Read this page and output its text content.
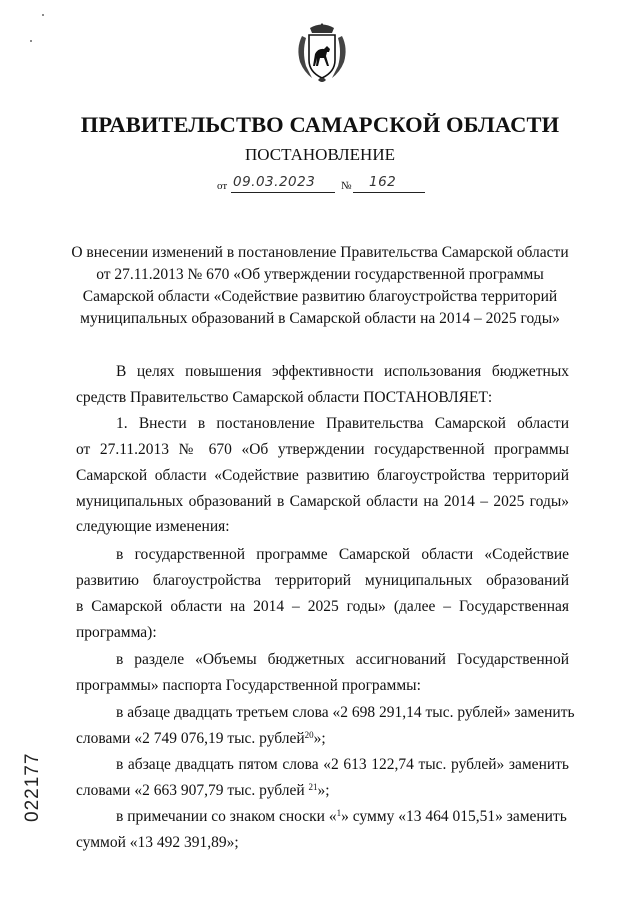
ПРАВИТЕЛЬСТВО САМАРСКОЙ ОБЛАСТИ
ПОСТАНОВЛЕНИЕ
от 09.03.2023 № 162
О внесении изменений в постановление Правительства Самарской области
от 27.11.2013 № 670 «Об утверждении государственной программы
Самарской области «Содействие развитию благоустройства территорий
муниципальных образований в Самарской области на 2014 – 2025 годы»
В целях повышения эффективности использования бюджетных
средств Правительство Самарской области ПОСТАНОВЛЯЕТ:
1. Внести в постановление Правительства Самарской области
от 27.11.2013 № 670 «Об утверждении государственной программы
Самарской области «Содействие развитию благоустройства территорий
муниципальных образований в Самарской области на 2014 – 2025 годы»
следующие изменения:
в государственной программе Самарской области «Содействие
развитию благоустройства территорий муниципальных образований
в Самарской области на 2014 – 2025 годы» (далее – Государственная
программа):
в разделе «Объемы бюджетных ассигнований Государственной
программы» паспорта Государственной программы:
в абзаце двадцать третьем слова «2 698 291,14 тыс. рублей» заменить
словами «2 749 076,19 тыс. рублей$^{20}$»;
в абзаце двадцать пятом слова «2 613 122,74 тыс. рублей» заменить
словами «2 663 907,79 тыс. рублей $^{21}$»;
в примечании со знаком сноски «$^1$» сумму «13 464 015,51» заменить
суммой «13 492 391,89»;
022177
